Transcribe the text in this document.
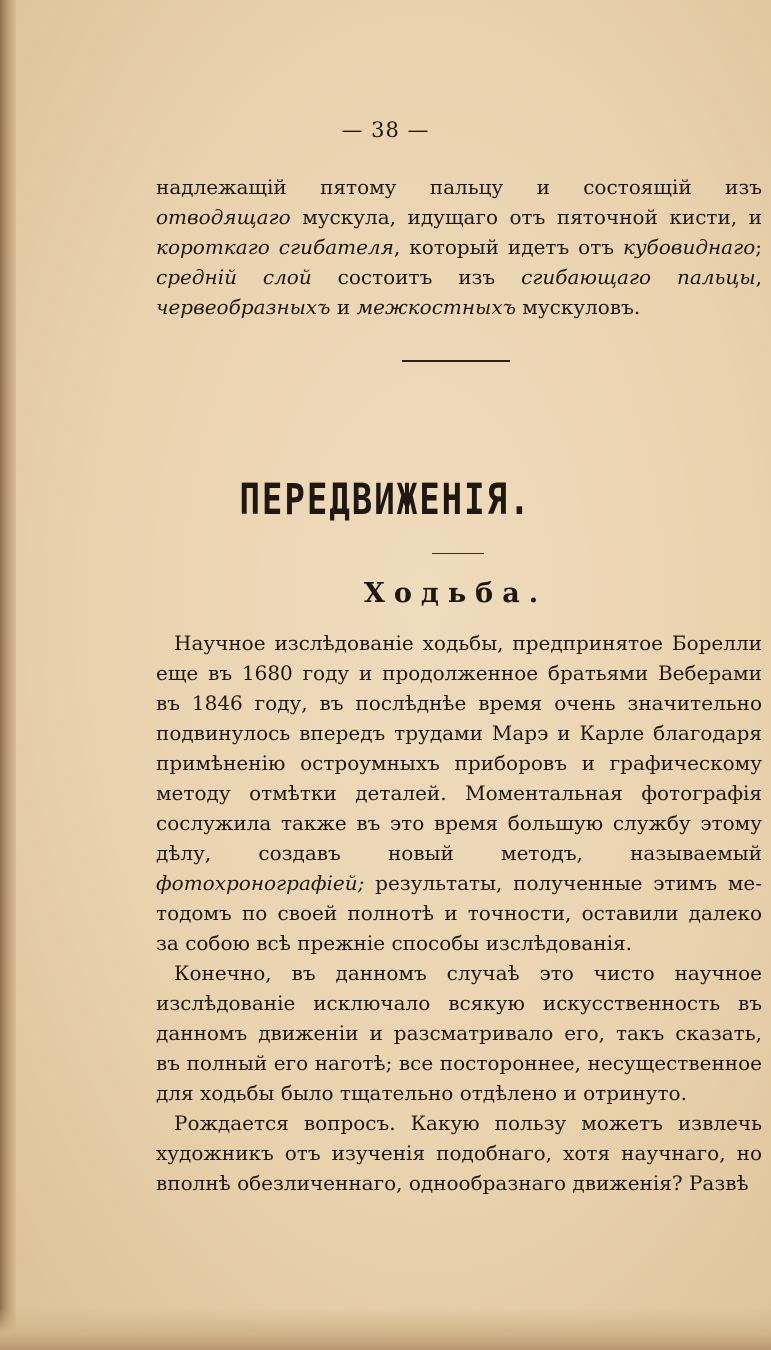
— 38 —

надлежащій пятому пальцу и состоящій изъ отводящаго мускула, идущаго отъ пяточной кисти, и короткаго сгибателя, который идетъ отъ кубовиднаго; средній слой состоитъ изъ сгибающаго пальцы, червеобразныхъ и межкостныхъ мускуловъ.

ПЕРЕДВИЖЕНІЯ.
Ходьба.

Научное изслѣдованіе ходьбы, предпринятое Борелли еще въ 1680 году и продолженное братьями Веберами въ 1846 году, въ послѣднѣе время очень значительно подвинулось впередъ трудами Марэ и Карле благодаря примѣненію остроумныхъ приборовъ и графическому методу отмѣтки деталей. Моментальная фотографія сослужила также въ это время большую службу этому дѣлу, создавъ новый методъ, называемый фотохронографіей; результаты, полученные этимъ методомъ по своей полнотѣ и точности, оставили далеко за собою всѣ прежніе способы изслѣдованія.

Конечно, въ данномъ случаѣ это чисто научное изслѣдованіе исключало всякую искусственность въ данномъ движеніи и разсматривало его, такъ сказать, въ полный его наготѣ; все постороннее, несущественное для ходьбы было тщательно отдѣлено и отринуто.

Рождается вопросъ. Какую пользу можетъ извлечь художникъ отъ изученія подобнаго, хотя научнаго, но вполнѣ обезличеннаго, однообразнаго движенія? Развѣ
